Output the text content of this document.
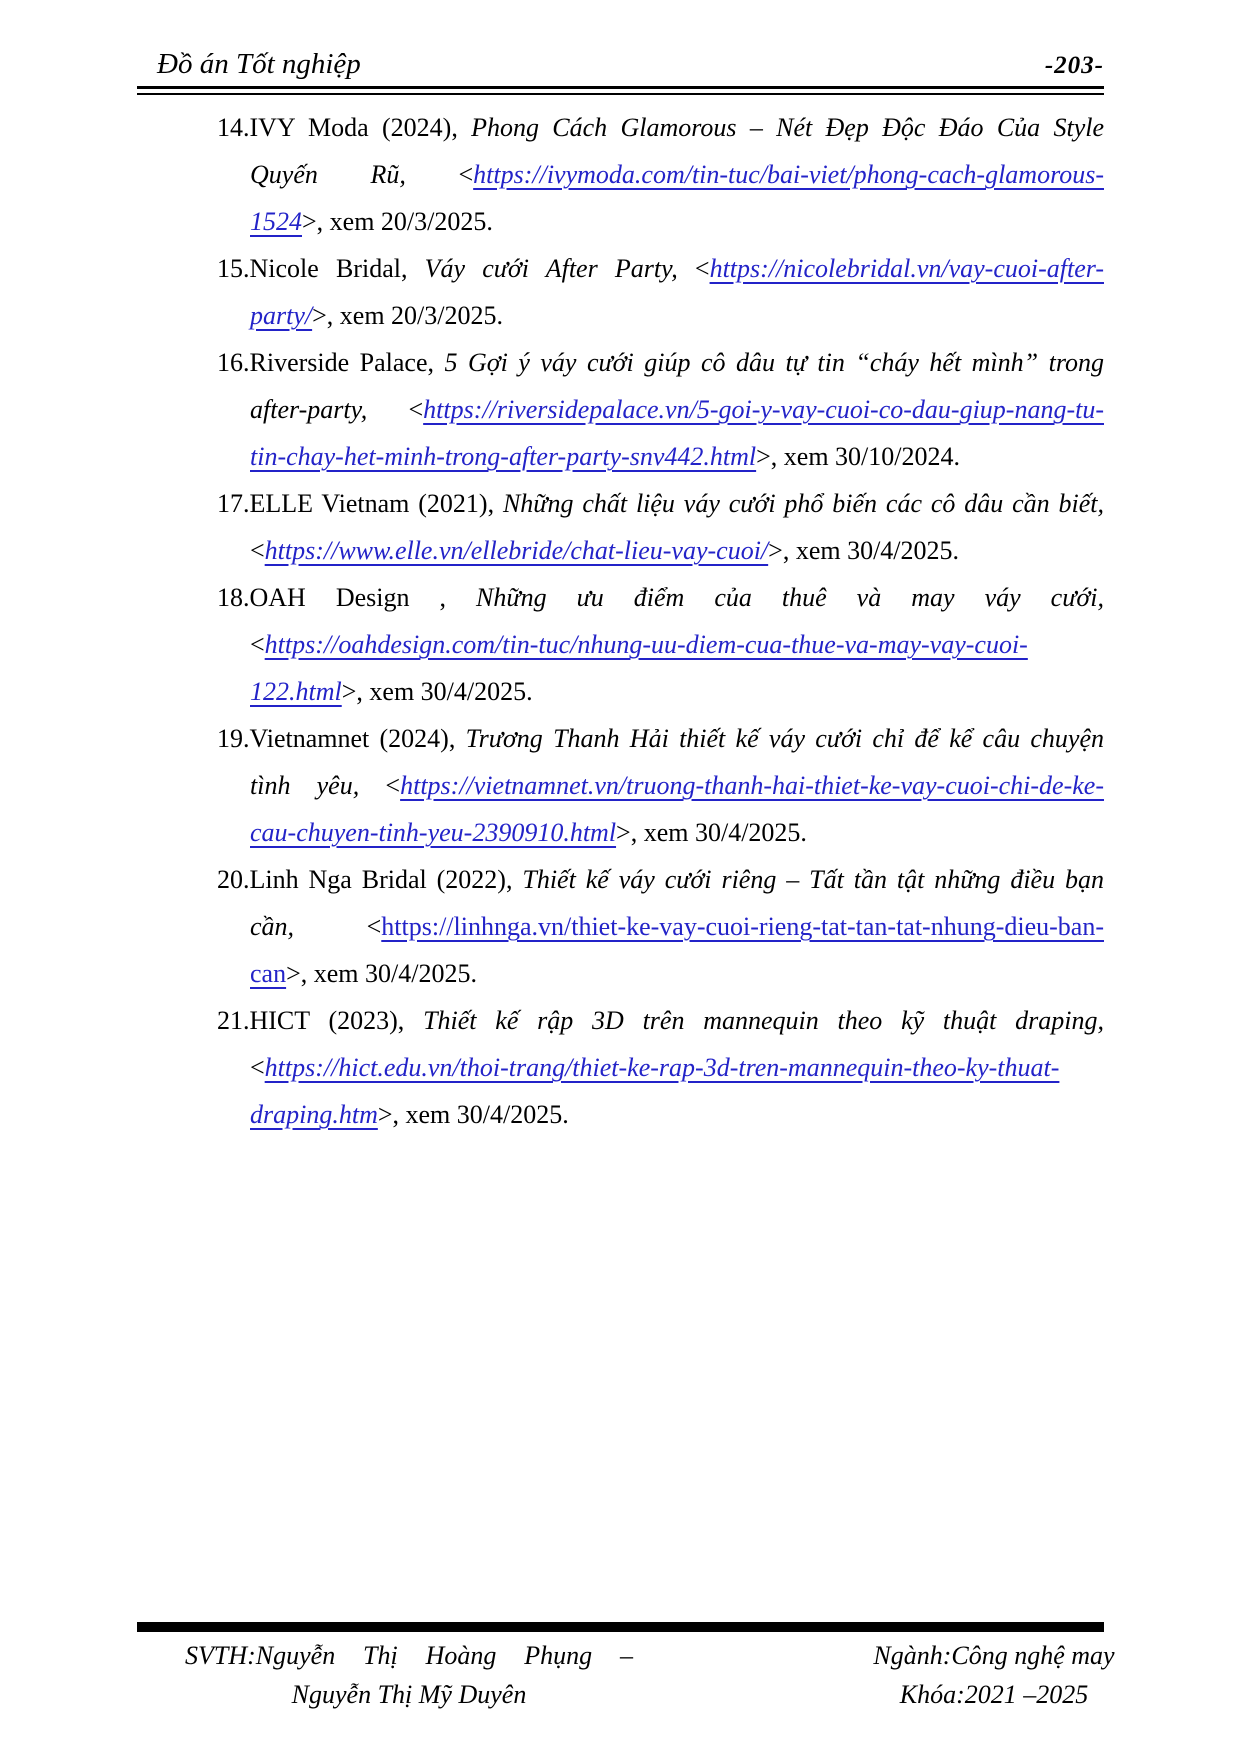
Đồ án Tốt nghiệp	-203-
14.IVY Moda (2024), Phong Cách Glamorous – Nét Đẹp Độc Đáo Của Style
Quyến Rũ, <https://ivymoda.com/tin-tuc/bai-viet/phong-cach-glamorous-
1524>, xem 20/3/2025.
15.Nicole Bridal, Váy cưới After Party, <https://nicolebridal.vn/vay-cuoi-after-
party/>, xem 20/3/2025.
16.Riverside Palace, 5 Gợi ý váy cưới giúp cô dâu tự tin “cháy hết mình” trong
after-party, <https://riversidepalace.vn/5-goi-y-vay-cuoi-co-dau-giup-nang-tu-
tin-chay-het-minh-trong-after-party-snv442.html>, xem 30/10/2024.
17.ELLE Vietnam (2021), Những chất liệu váy cưới phổ biến các cô dâu cần biết,
<https://www.elle.vn/ellebride/chat-lieu-vay-cuoi/>, xem 30/4/2025.
18.OAH Design , Những ưu điểm của thuê và may váy cưới,
<https://oahdesign.com/tin-tuc/nhung-uu-diem-cua-thue-va-may-vay-cuoi-
122.html>, xem 30/4/2025.
19.Vietnamnet (2024), Trương Thanh Hải thiết kế váy cưới chỉ để kể câu chuyện
tình yêu, <https://vietnamnet.vn/truong-thanh-hai-thiet-ke-vay-cuoi-chi-de-ke-
cau-chuyen-tinh-yeu-2390910.html>, xem 30/4/2025.
20.Linh Nga Bridal (2022), Thiết kế váy cưới riêng – Tất tần tật những điều bạn
cần, <https://linhnga.vn/thiet-ke-vay-cuoi-rieng-tat-tan-tat-nhung-dieu-ban-
can>, xem 30/4/2025.
21.HICT (2023), Thiết kế rập 3D trên mannequin theo kỹ thuật draping,
<https://hict.edu.vn/thoi-trang/thiet-ke-rap-3d-tren-mannequin-theo-ky-thuat-
draping.htm>, xem 30/4/2025.
SVTH:Nguyễn Thị Hoàng Phụng –
Nguyễn Thị Mỹ Duyên
Ngành:Công nghệ may
Khóa:2021 –2025
